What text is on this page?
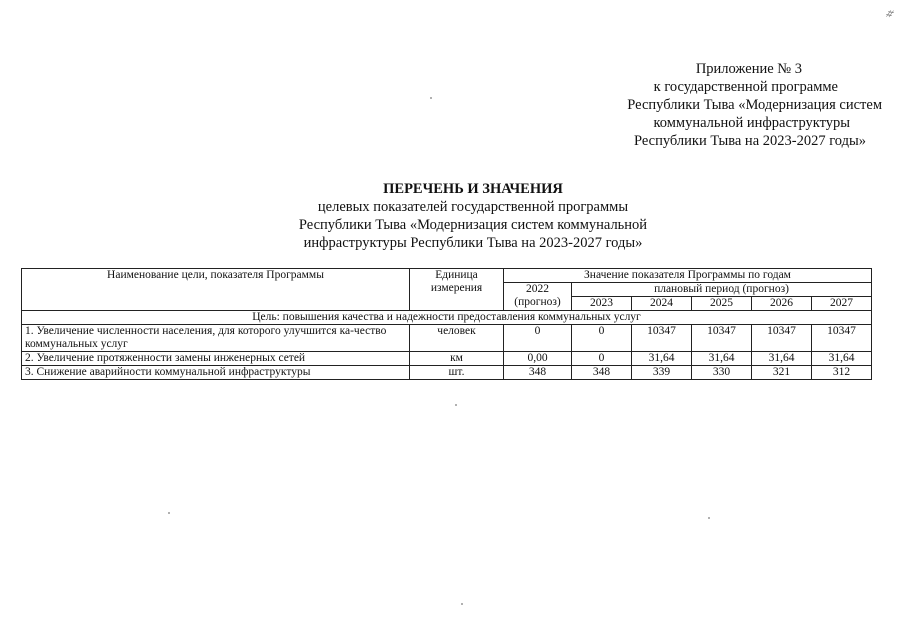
♯
Приложение № 3
к государственной программе
Республики Тыва «Модернизация систем
коммунальной инфраструктуры
Республики Тыва на 2023-2027 годы»
ПЕРЕЧЕНЬ И ЗНАЧЕНИЯ
целевых показателей государственной программы
Республики Тыва «Модернизация систем коммунальной
инфраструктуры Республики Тыва на 2023-2027 годы»
Наименование цели, показателя Программы	Единица измерения	Значение показателя Программы по годам					
		2022 (прогноз)	плановый период (прогноз)				
			2023	2024	2025	2026	2027
Цель: повышения качества и надежности предоставления коммунальных услуг							
1. Увеличение численности населения, для которого улучшится ка-чество коммунальных услуг	человек	0	0	10347	10347	10347	10347
2. Увеличение протяженности замены инженерных сетей	км	0,00	0	31,64	31,64	31,64	31,64
3. Снижение аварийности коммунальной инфраструктуры	шт.	348	348	339	330	321	312
